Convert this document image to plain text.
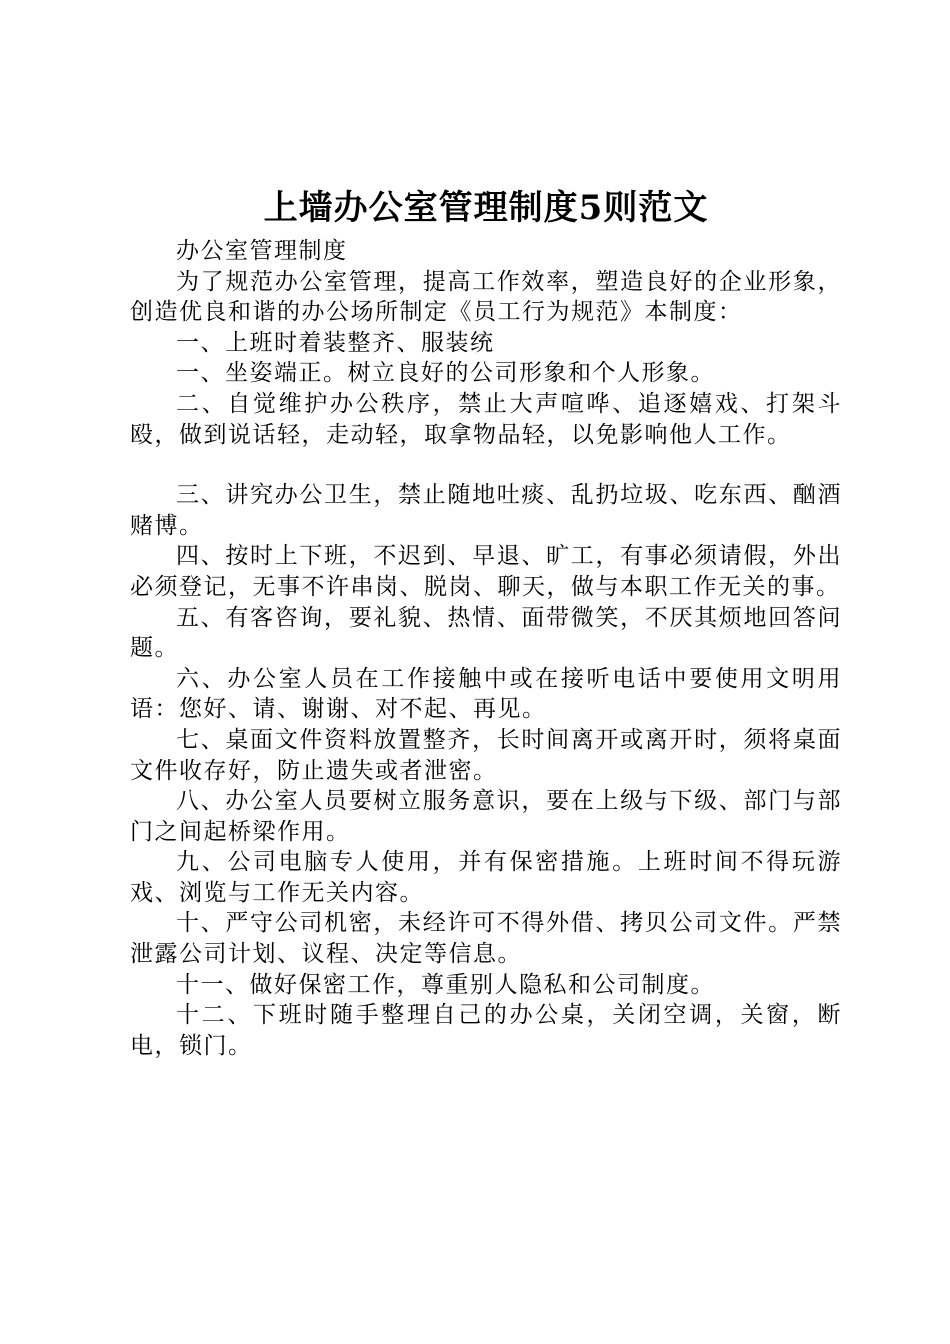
上墙办公室管理制度5则范文

办公室管理制度

为了规范办公室管理，提高工作效率，塑造良好的企业形象，创造优良和谐的办公场所制定《员工行为规范》本制度：

一、上班时着装整齐、服装统

一、坐姿端正。树立良好的公司形象和个人形象。

二、自觉维护办公秩序，禁止大声喧哗、追逐嬉戏、打架斗殴，做到说话轻，走动轻，取拿物品轻，以免影响他人工作。

三、讲究办公卫生，禁止随地吐痰、乱扔垃圾、吃东西、酗酒赌博。

四、按时上下班，不迟到、早退、旷工，有事必须请假，外出必须登记，无事不许串岗、脱岗、聊天，做与本职工作无关的事。

五、有客咨询，要礼貌、热情、面带微笑，不厌其烦地回答问题。

六、办公室人员在工作接触中或在接听电话中要使用文明用语：您好、请、谢谢、对不起、再见。

七、桌面文件资料放置整齐，长时间离开或离开时，须将桌面文件收存好，防止遗失或者泄密。

八、办公室人员要树立服务意识，要在上级与下级、部门与部门之间起桥梁作用。

九、公司电脑专人使用，并有保密措施。上班时间不得玩游戏、浏览与工作无关内容。

十、严守公司机密，未经许可不得外借、拷贝公司文件。严禁泄露公司计划、议程、决定等信息。

十一、做好保密工作，尊重别人隐私和公司制度。

十二、下班时随手整理自己的办公桌，关闭空调，关窗，断电，锁门。
